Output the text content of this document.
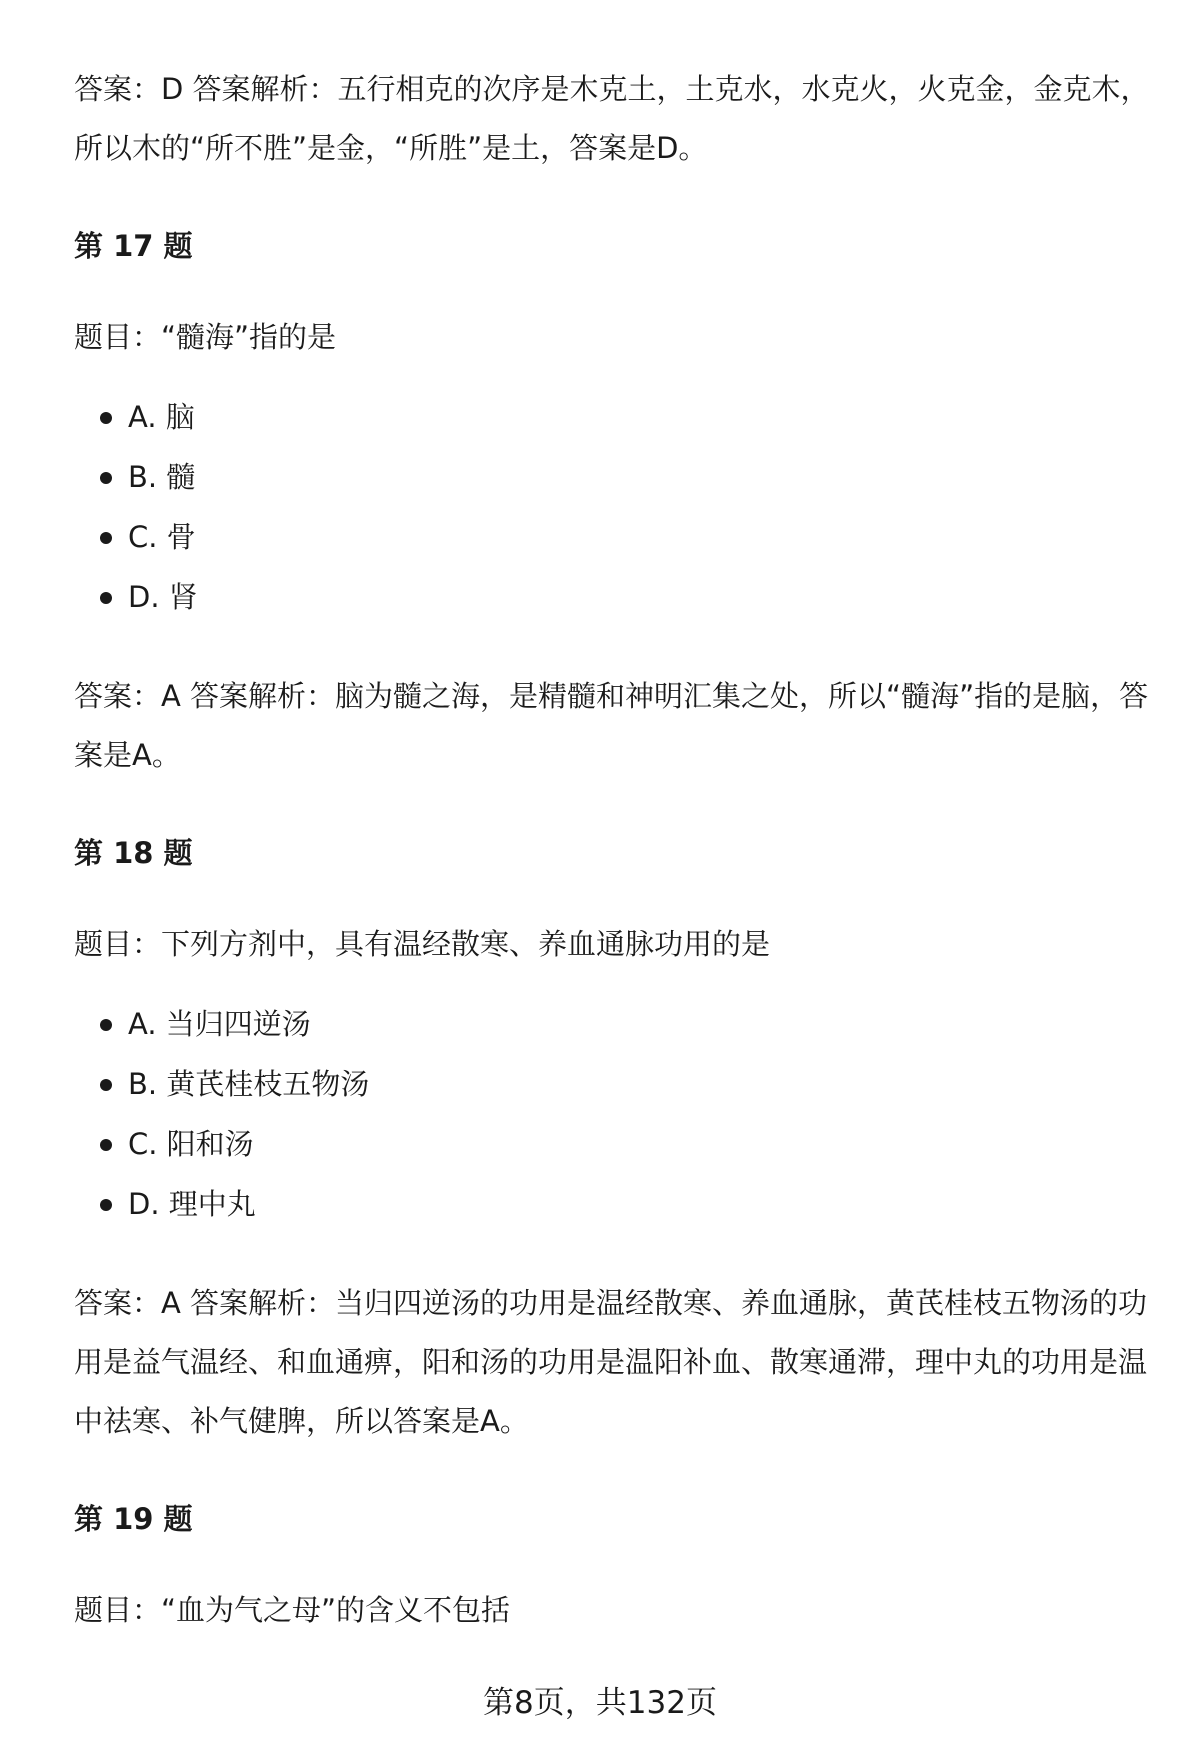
答案：D 答案解析：五行相克的次序是木克土，土克水，水克火，火克金，金克木，所以木的“所不胜”是金，“所胜”是土，答案是D。

第 17 题

题目：“髓海”指的是

A. 脑
B. 髓
C. 骨
D. 肾

答案：A 答案解析：脑为髓之海，是精髓和神明汇集之处，所以“髓海”指的是脑，答案是A。

第 18 题

题目：下列方剂中，具有温经散寒、养血通脉功用的是

A. 当归四逆汤
B. 黄芪桂枝五物汤
C. 阳和汤
D. 理中丸

答案：A 答案解析：当归四逆汤的功用是温经散寒、养血通脉，黄芪桂枝五物汤的功用是益气温经、和血通痹，阳和汤的功用是温阳补血、散寒通滞，理中丸的功用是温中祛寒、补气健脾，所以答案是A。

第 19 题

题目：“血为气之母”的含义不包括

第8页，共132页
